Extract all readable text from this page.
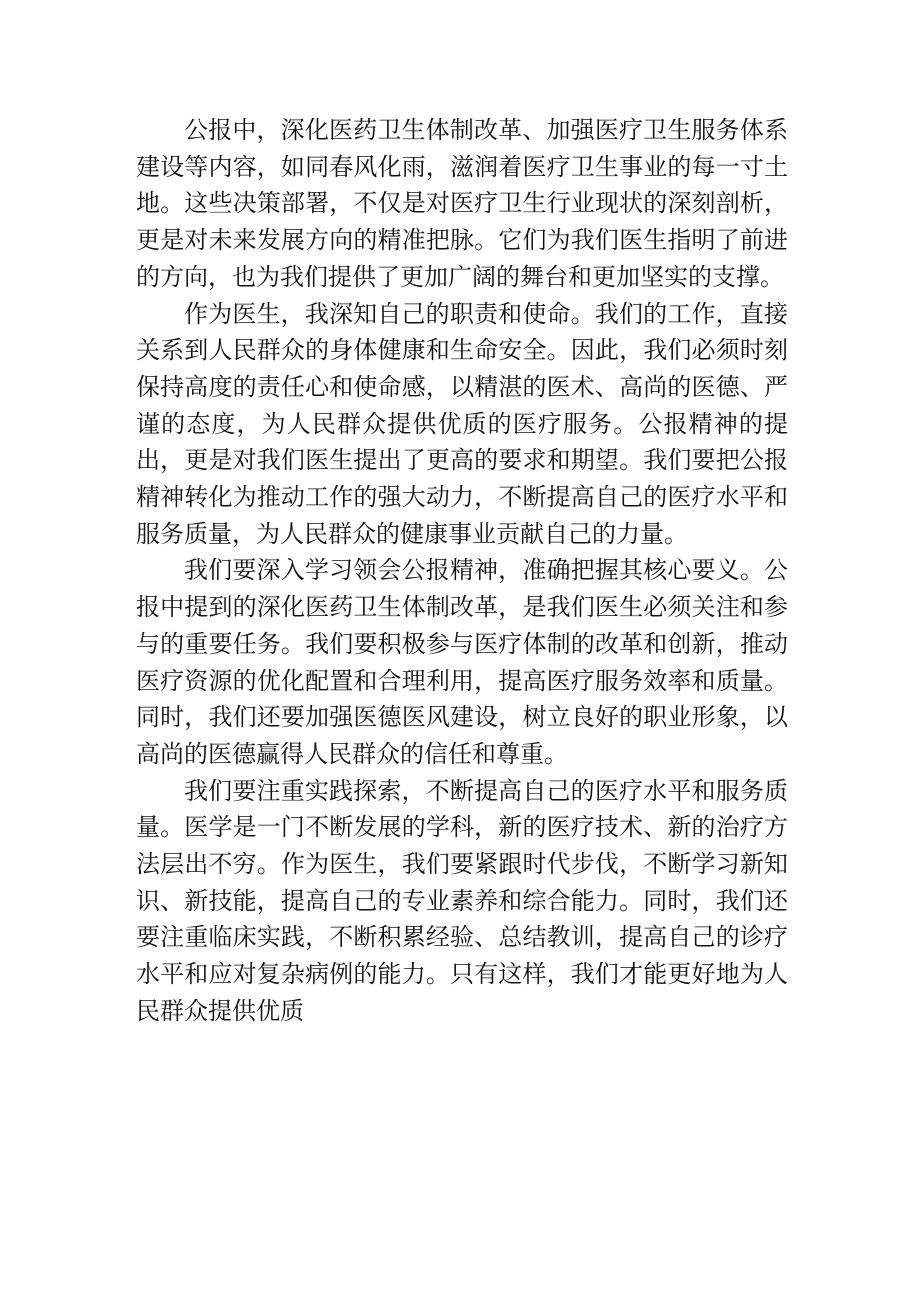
公报中，深化医药卫生体制改革、加强医疗卫生服务体系建设等内容，如同春风化雨，滋润着医疗卫生事业的每一寸土地。这些决策部署，不仅是对医疗卫生行业现状的深刻剖析，更是对未来发展方向的精准把脉。它们为我们医生指明了前进的方向，也为我们提供了更加广阔的舞台和更加坚实的支撑。

作为医生，我深知自己的职责和使命。我们的工作，直接关系到人民群众的身体健康和生命安全。因此，我们必须时刻保持高度的责任心和使命感，以精湛的医术、高尚的医德、严谨的态度，为人民群众提供优质的医疗服务。公报精神的提出，更是对我们医生提出了更高的要求和期望。我们要把公报精神转化为推动工作的强大动力，不断提高自己的医疗水平和服务质量，为人民群众的健康事业贡献自己的力量。

我们要深入学习领会公报精神，准确把握其核心要义。公报中提到的深化医药卫生体制改革，是我们医生必须关注和参与的重要任务。我们要积极参与医疗体制的改革和创新，推动医疗资源的优化配置和合理利用，提高医疗服务效率和质量。同时，我们还要加强医德医风建设，树立良好的职业形象，以高尚的医德赢得人民群众的信任和尊重。

我们要注重实践探索，不断提高自己的医疗水平和服务质量。医学是一门不断发展的学科，新的医疗技术、新的治疗方法层出不穷。作为医生，我们要紧跟时代步伐，不断学习新知识、新技能，提高自己的专业素养和综合能力。同时，我们还要注重临床实践，不断积累经验、总结教训，提高自己的诊疗水平和应对复杂病例的能力。只有这样，我们才能更好地为人民群众提供优质
